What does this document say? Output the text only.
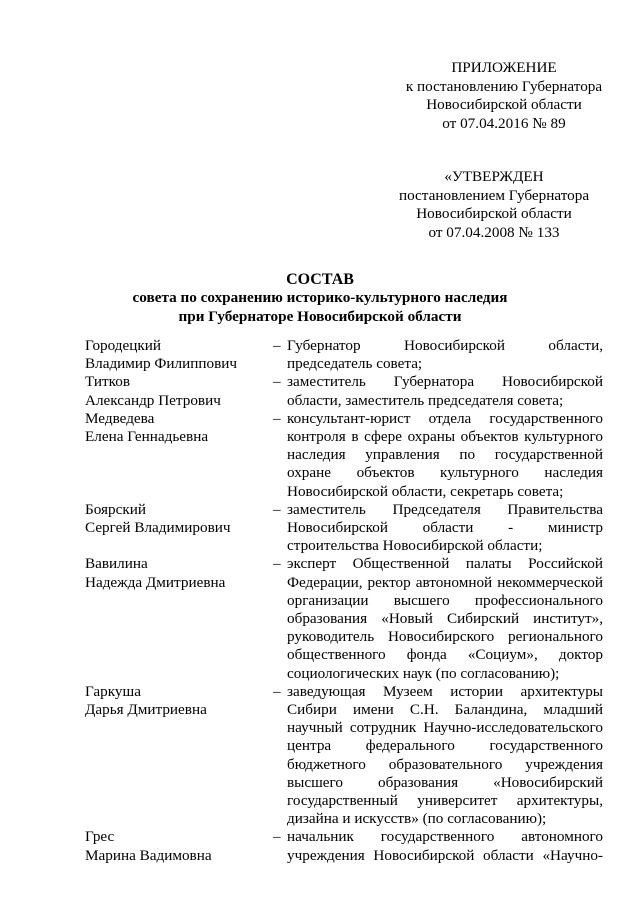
ПРИЛОЖЕНИЕ
к постановлению Губернатора
Новосибирской области
от 07.04.2016 № 89
«УТВЕРЖДЕН
постановлением Губернатора
Новосибирской области
от 07.04.2008 № 133
СОСТАВ
совета по сохранению историко-культурного наследия
при Губернаторе Новосибирской области
Городецкий
Владимир Филиппович
– Губернатор Новосибирской области, председатель совета;
Титков
Александр Петрович
– заместитель Губернатора Новосибирской области, заместитель председателя совета;
Медведева
Елена Геннадьевна
– консультант-юрист отдела государственного контроля в сфере охраны объектов культурного наследия управления по государственной охране объектов культурного наследия Новосибирской области, секретарь совета;
Боярский
Сергей Владимирович
– заместитель Председателя Правительства Новосибирской области - министр строительства Новосибирской области;
Вавилина
Надежда Дмитриевна
– эксперт Общественной палаты Российской Федерации, ректор автономной некоммерческой организации высшего профессионального образования «Новый Сибирский институт», руководитель Новосибирского регионального общественного фонда «Социум», доктор социологических наук (по согласованию);
Гаркуша
Дарья Дмитриевна
– заведующая Музеем истории архитектуры Сибири имени С.Н. Баландина, младший научный сотрудник Научно-исследовательского центра федерального государственного бюджетного образовательного учреждения высшего образования «Новосибирский государственный университет архитектуры, дизайна и искусств» (по согласованию);
Грес
Марина Вадимовна
– начальник государственного автономного учреждения Новосибирской области «Научно-
